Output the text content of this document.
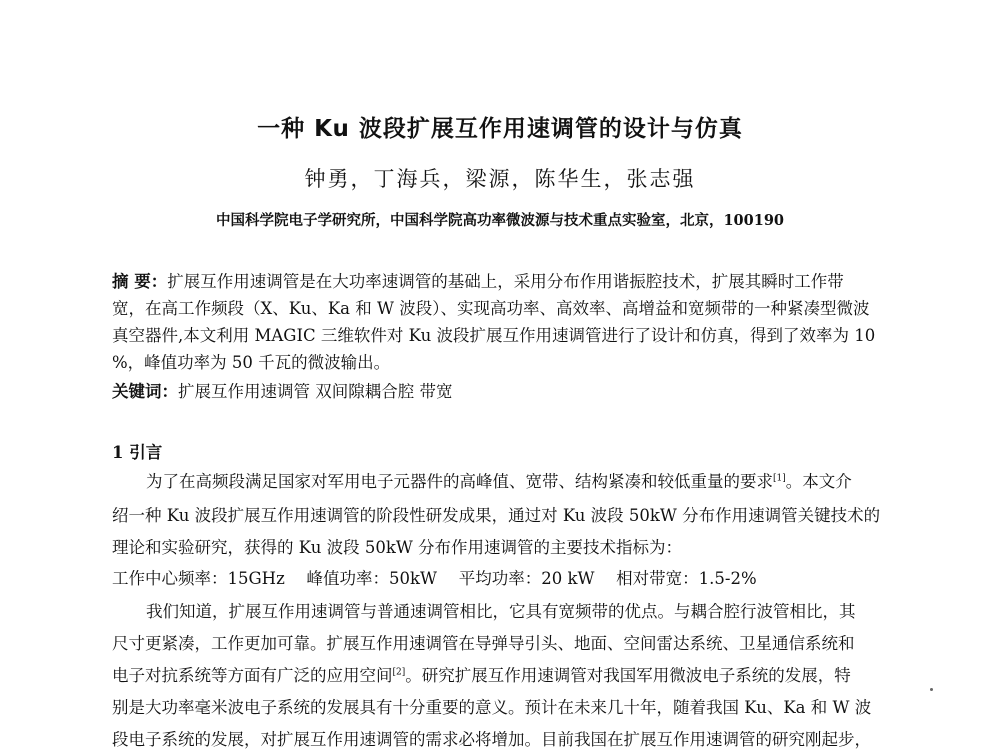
一种 Ku 波段扩展互作用速调管的设计与仿真
钟勇，丁海兵，梁源，陈华生，张志强
中国科学院电子学研究所，中国科学院高功率微波源与技术重点实验室，北京，100190
摘 要：扩展互作用速调管是在大功率速调管的基础上，采用分布作用谐振腔技术，扩展其瞬时工作带
宽，在高工作频段（X、Ku、Ka 和 W 波段）、实现高功率、高效率、高增益和宽频带的一种紧凑型微波
真空器件,本文利用 MAGIC 三维软件对 Ku 波段扩展互作用速调管进行了设计和仿真，得到了效率为 10
%，峰值功率为 50 千瓦的微波输出。
关键词：扩展互作用速调管 双间隙耦合腔 带宽
1 引言
为了在高频段满足国家对军用电子元器件的高峰值、宽带、结构紧凑和较低重量的要求[1]。本文介
绍一种 Ku 波段扩展互作用速调管的阶段性研发成果，通过对 Ku 波段 50kW 分布作用速调管关键技术的
理论和实验研究，获得的 Ku 波段 50kW 分布作用速调管的主要技术指标为：
工作中心频率：15GHz　 峰值功率：50kW　 平均功率：20 kW　 相对带宽：1.5-2%
我们知道，扩展互作用速调管与普通速调管相比，它具有宽频带的优点。与耦合腔行波管相比，其
尺寸更紧凑，工作更加可靠。扩展互作用速调管在导弹导引头、地面、空间雷达系统、卫星通信系统和
电子对抗系统等方面有广泛的应用空间[2]。研究扩展互作用速调管对我国军用微波电子系统的发展，特
别是大功率毫米波电子系统的发展具有十分重要的意义。预计在未来几十年，随着我国 Ku、Ka 和 W 波
段电子系统的发展，对扩展互作用速调管的需求必将增加。目前我国在扩展互作用速调管的研究刚起步，
